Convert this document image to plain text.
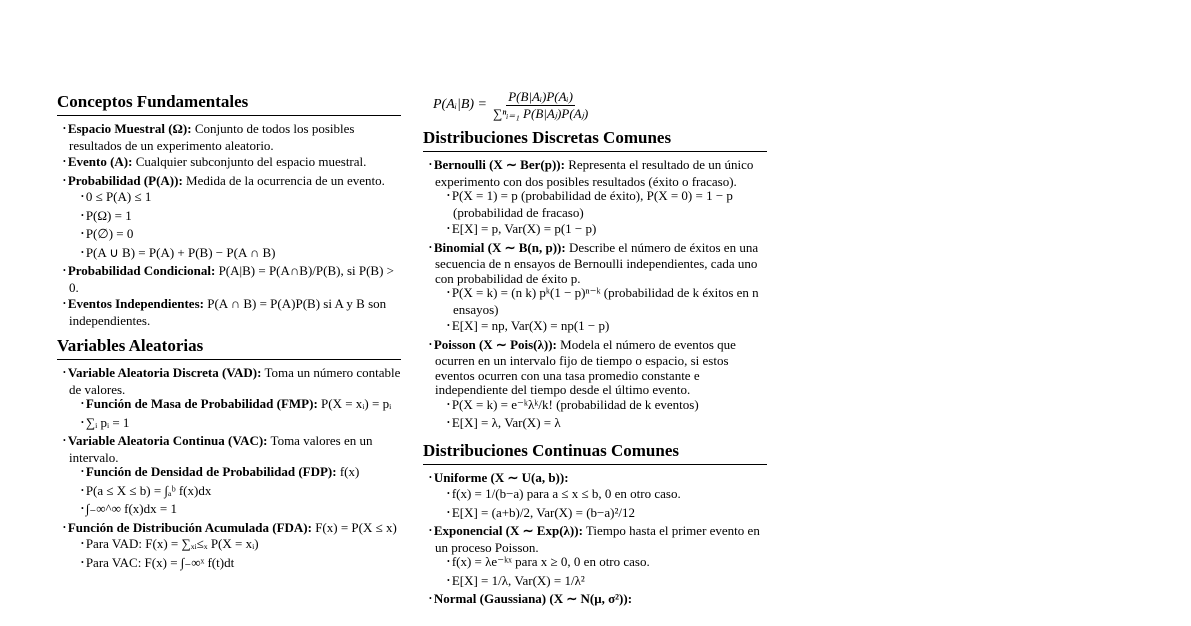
Conceptos Fundamentales
• Espacio Muestral (Ω): Conjunto de todos los posibles resultados de un experimento aleatorio.
• Evento (A): Cualquier subconjunto del espacio muestral.
• Probabilidad (P(A)): Medida de la ocurrencia de un evento.
• 0 ≤ P(A) ≤ 1
• P(Ω) = 1
• P(∅) = 0
• P(A ∪ B) = P(A) + P(B) − P(A ∩ B)
• Probabilidad Condicional: P(A|B) = P(A∩B)/P(B), si P(B) > 0.
• Eventos Independientes: P(A ∩ B) = P(A)P(B) si A y B son independientes.
Variables Aleatorias
• Variable Aleatoria Discreta (VAD): Toma un número contable de valores.
• Función de Masa de Probabilidad (FMP): P(X = xᵢ) = pᵢ
• ∑ᵢ pᵢ = 1
• Variable Aleatoria Continua (VAC): Toma valores en un intervalo.
• Función de Densidad de Probabilidad (FDP): f(x)
• P(a ≤ X ≤ b) = ∫ₐᵇ f(x)dx
• ∫₋∞^∞ f(x)dx = 1
• Función de Distribución Acumulada (FDA): F(x) = P(X ≤ x)
• Para VAD: F(x) = ∑ₓᵢ≤ₓ P(X = xᵢ)
• Para VAC: F(x) = ∫₋∞ˣ f(t)dt
P(Aᵢ|B) = $\frac{\text{P(B|Aᵢ)P(Aᵢ)}}{\text{∑ⁿᵢ₌₁ P(B|Aⱼ)P(Aⱼ)}}$
Distribuciones Discretas Comunes
• Bernoulli (X ∼ Ber(p)): Representa el resultado de un único experimento con dos posibles resultados (éxito o fracaso).
• P(X = 1) = p (probabilidad de éxito), P(X = 0) = 1 − p (probabilidad de fracaso)
• E[X] = p, Var(X) = p(1 − p)
• Binomial (X ∼ B(n, p)): Describe el número de éxitos en una secuencia de n ensayos de Bernoulli independientes, cada uno con probabilidad de éxito p.
• P(X = k) = (n k) pᵏ(1 − p)ⁿ⁻ᵏ (probabilidad de k éxitos en n ensayos)
• E[X] = np, Var(X) = np(1 − p)
• Poisson (X ∼ Pois(λ)): Modela el número de eventos que ocurren en un intervalo fijo de tiempo o espacio, si estos eventos ocurren con una tasa promedio constante e independiente del tiempo desde el último evento.
• P(X = k) = e⁻ᵏλᵏ/k! (probabilidad de k eventos)
• E[X] = λ, Var(X) = λ
Distribuciones Continuas Comunes
• Uniforme (X ∼ U(a, b)):
• f(x) = 1/(b−a) para a ≤ x ≤ b, 0 en otro caso.
• E[X] = (a+b)/2, Var(X) = (b−a)²/12
• Exponencial (X ∼ Exp(λ)): Tiempo hasta el primer evento en un proceso Poisson.
• f(x) = λe⁻ᵏˣ para x ≥ 0, 0 en otro caso.
• E[X] = 1/λ, Var(X) = 1/λ²
• Normal (Gaussiana) (X ∼ N(μ, σ²)):
